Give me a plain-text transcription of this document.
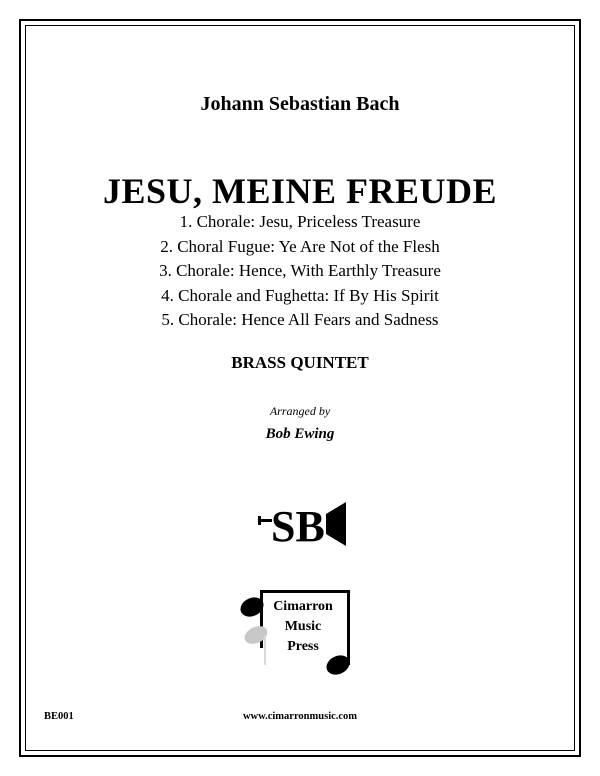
Johann Sebastian Bach
JESU, MEINE FREUDE
1. Chorale: Jesu, Priceless Treasure
2. Choral Fugue: Ye Are Not of the Flesh
3. Chorale: Hence, With Earthly Treasure
4. Chorale and Fughetta: If By His Spirit
5. Chorale: Hence All Fears and Sadness
BRASS QUINTET
Arranged by
Bob Ewing
SB
Cimarron
Music
Press
BE001	www.cimarronmusic.com
